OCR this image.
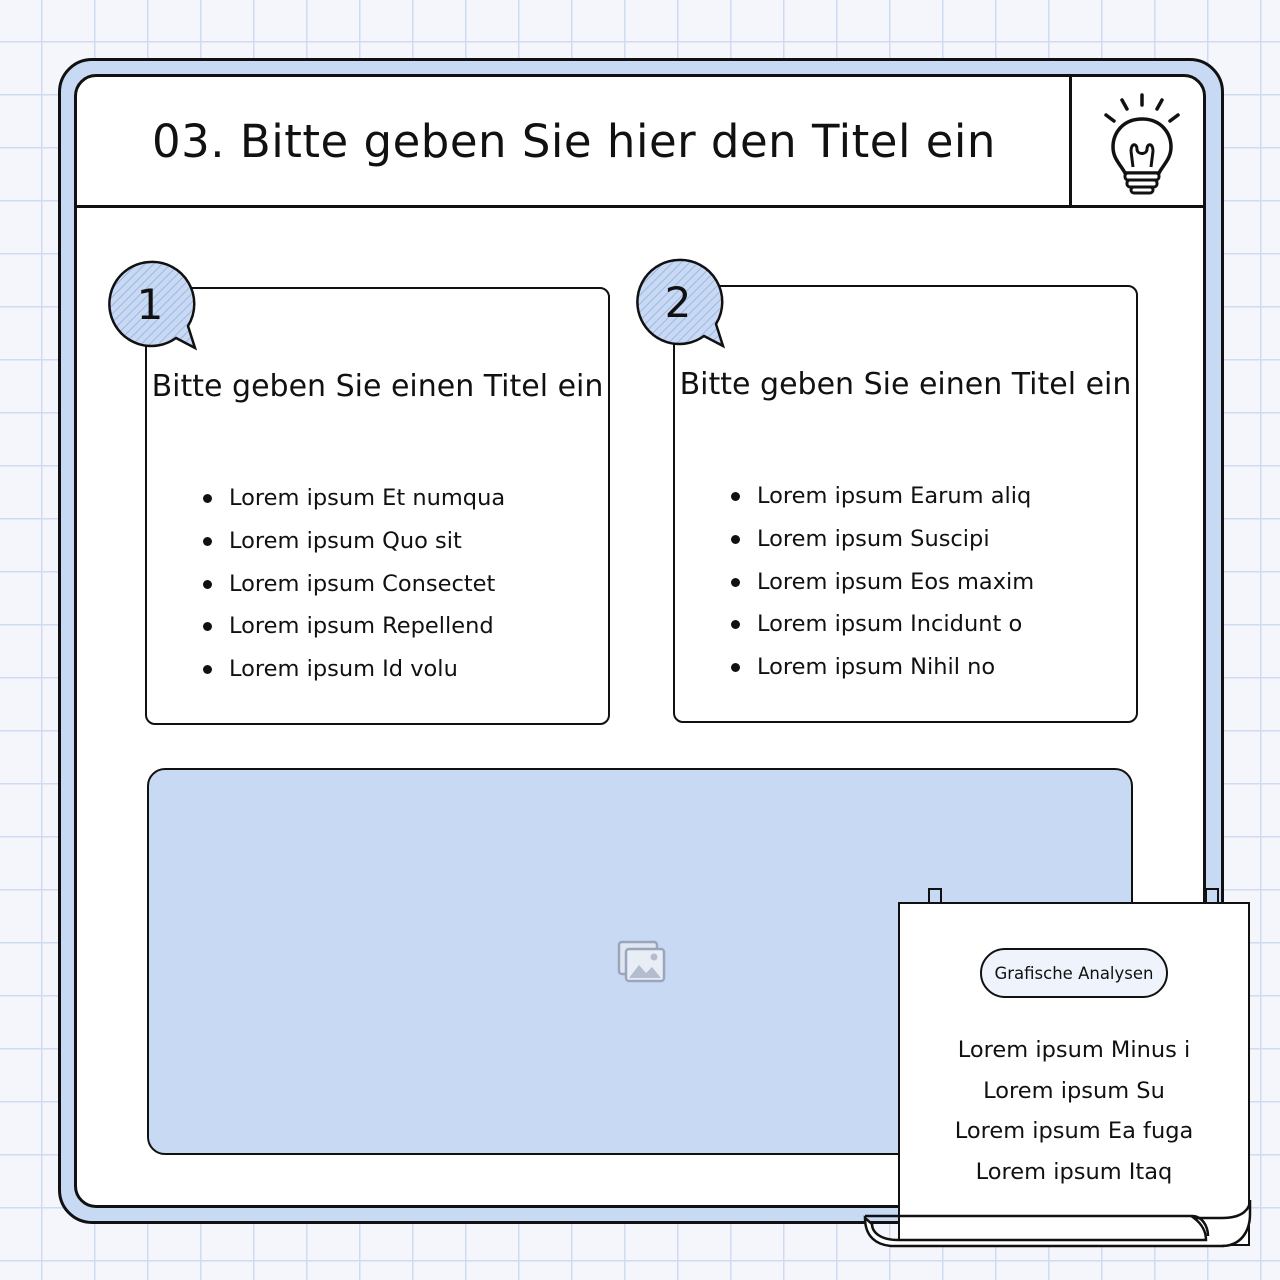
03. Bitte geben Sie hier den Titel ein
Bitte geben Sie einen Titel ein
Lorem ipsum Et numqua
Lorem ipsum Quo sit
Lorem ipsum Consectet
Lorem ipsum Repellend
Lorem ipsum Id volu
1
Bitte geben Sie einen Titel ein
Lorem ipsum Earum aliq
Lorem ipsum Suscipi
Lorem ipsum Eos maxim
Lorem ipsum Incidunt o
Lorem ipsum Nihil no
2
Grafische Analysen
Lorem ipsum Minus i
Lorem ipsum Su
Lorem ipsum Ea fuga
Lorem ipsum Itaq
